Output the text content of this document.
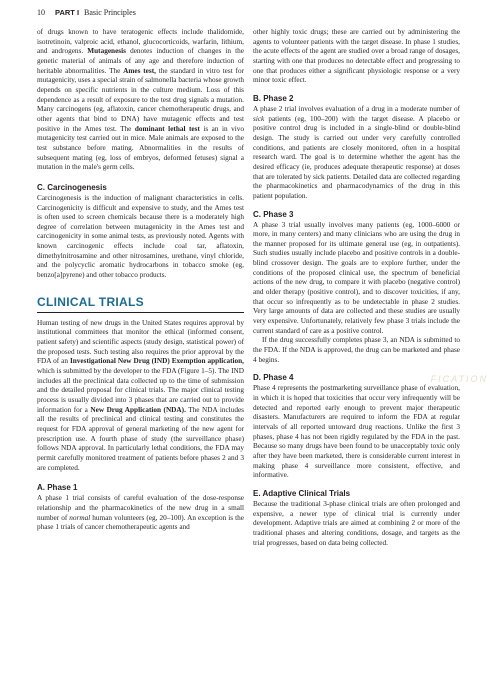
10 PART I Basic Principles

of drugs known to have teratogenic effects include thalidomide, isotretinoin, valproic acid, ethanol, glucocorticoids, warfarin, lithium, and androgens. Mutagenesis denotes induction of changes in the genetic material of animals of any age and therefore induction of heritable abnormalities. The Ames test, the standard in vitro test for mutagenicity, uses a special strain of salmonella bacteria whose growth depends on specific nutrients in the culture medium. Loss of this dependence as a result of exposure to the test drug signals a mutation. Many carcinogens (eg, aflatoxin, cancer chemotherapeutic drugs, and other agents that bind to DNA) have mutagenic effects and test positive in the Ames test. The dominant lethal test is an in vivo mutagenicity test carried out in mice. Male animals are exposed to the test substance before mating. Abnormalities in the results of subsequent mating (eg, loss of embryos, deformed fetuses) signal a mutation in the male's germ cells.

C. Carcinogenesis

Carcinogenesis is the induction of malignant characteristics in cells. Carcinogenicity is difficult and expensive to study, and the Ames test is often used to screen chemicals because there is a moderately high degree of correlation between mutagenicity in the Ames test and carcinogenicity in some animal tests, as previously noted. Agents with known carcinogenic effects include coal tar, aflatoxin, dimethylnitrosamine and other nitrosamines, urethane, vinyl chloride, and the polycyclic aromatic hydrocarbons in tobacco smoke (eg, benzo[a]pyrene) and other tobacco products.

CLINICAL TRIALS

Human testing of new drugs in the United States requires approval by institutional committees that monitor the ethical (informed consent, patient safety) and scientific aspects (study design, statistical power) of the proposed tests. Such testing also requires the prior approval by the FDA of an Investigational New Drug (IND) Exemption application, which is submitted by the developer to the FDA (Figure 1–5). The IND includes all the preclinical data collected up to the time of submission and the detailed proposal for clinical trials. The major clinical testing process is usually divided into 3 phases that are carried out to provide information for a New Drug Application (NDA). The NDA includes all the results of preclinical and clinical testing and constitutes the request for FDA approval of general marketing of the new agent for prescription use. A fourth phase of study (the surveillance phase) follows NDA approval. In particularly lethal conditions, the FDA may permit carefully monitored treatment of patients before phases 2 and 3 are completed.

A. Phase 1

A phase 1 trial consists of careful evaluation of the dose-response relationship and the pharmacokinetics of the new drug in a small number of normal human volunteers (eg, 20–100). An exception is the phase 1 trials of cancer chemotherapeutic agents and

other highly toxic drugs; these are carried out by administering the agents to volunteer patients with the target disease. In phase 1 studies, the acute effects of the agent are studied over a broad range of dosages, starting with one that produces no detectable effect and progressing to one that produces either a significant physiologic response or a very minor toxic effect.

B. Phase 2

A phase 2 trial involves evaluation of a drug in a moderate number of sick patients (eg, 100–200) with the target disease. A placebo or positive control drug is included in a single-blind or double-blind design. The study is carried out under very carefully controlled conditions, and patients are closely monitored, often in a hospital research ward. The goal is to determine whether the agent has the desired efficacy (ie, produces adequate therapeutic response) at doses that are tolerated by sick patients. Detailed data are collected regarding the pharmacokinetics and pharmacodynamics of the drug in this patient population.

C. Phase 3

A phase 3 trial usually involves many patients (eg, 1000–6000 or more, in many centers) and many clinicians who are using the drug in the manner proposed for its ultimate general use (eg, in outpatients). Such studies usually include placebo and positive controls in a double-blind crossover design. The goals are to explore further, under the conditions of the proposed clinical use, the spectrum of beneficial actions of the new drug, to compare it with placebo (negative control) and older therapy (positive control), and to discover toxicities, if any, that occur so infrequently as to be undetectable in phase 2 studies. Very large amounts of data are collected and these studies are usually very expensive. Unfortunately, relatively few phase 3 trials include the current standard of care as a positive control.

If the drug successfully completes phase 3, an NDA is submitted to the FDA. If the NDA is approved, the drug can be marketed and phase 4 begins.

D. Phase 4

Phase 4 represents the postmarketing surveillance phase of evaluation, in which it is hoped that toxicities that occur very infrequently will be detected and reported early enough to prevent major therapeutic disasters. Manufacturers are required to inform the FDA at regular intervals of all reported untoward drug reactions. Unlike the first 3 phases, phase 4 has not been rigidly regulated by the FDA in the past. Because so many drugs have been found to be unacceptably toxic only after they have been marketed, there is considerable current interest in making phase 4 surveillance more consistent, effective, and informative.

E. Adaptive Clinical Trials

Because the traditional 3-phase clinical trials are often prolonged and expensive, a newer type of clinical trial is currently under development. Adaptive trials are aimed at combining 2 or more of the traditional phases and altering conditions, dosage, and targets as the trial progresses, based on data being collected.

FICATION
